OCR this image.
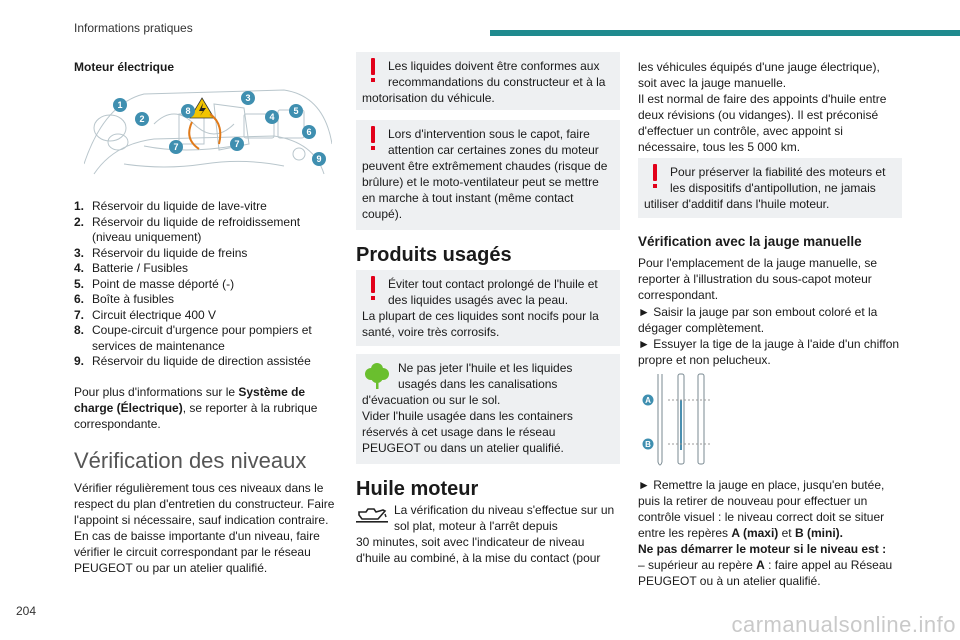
Informations pratiques

Moteur électrique

1
2
3
4
5
6
7	7
8
9
1. Réservoir du liquide de lave-vitre
2. Réservoir du liquide de refroidissement (niveau uniquement)
3. Réservoir du liquide de freins
4. Batterie / Fusibles
5. Point de masse déporté (-)
6. Boîte à fusibles
7. Circuit électrique 400 V
8. Coupe-circuit d'urgence pour pompiers et services de maintenance
9. Réservoir du liquide de direction assistée

Pour plus d'informations sur le Système de charge (Électrique), se reporter à la rubrique correspondante.

Vérification des niveaux

Vérifier régulièrement tous ces niveaux dans le respect du plan d'entretien du constructeur. Faire l'appoint si nécessaire, sauf indication contraire. En cas de baisse importante d'un niveau, faire vérifier le circuit correspondant par le réseau PEUGEOT ou par un atelier qualifié.

Les liquides doivent être conformes aux recommandations du constructeur et à la
motorisation du véhicule.
Lors d'intervention sous le capot, faire attention car certaines zones du moteur
peuvent être extrêmement chaudes (risque de brûlure) et le moto-ventilateur peut se mettre en marche à tout instant (même contact coupé).

Produits usagés

Éviter tout contact prolongé de l'huile et des liquides usagés avec la peau.
La plupart de ces liquides sont nocifs pour la santé, voire très corrosifs.
Ne pas jeter l'huile et les liquides usagés dans les canalisations
d'évacuation ou sur le sol.
Vider l'huile usagée dans les containers réservés à cet usage dans le réseau PEUGEOT ou dans un atelier qualifié.

Huile moteur

La vérification du niveau s'effectue sur un sol plat, moteur à l'arrêt depuis
30 minutes, soit avec l'indicateur de niveau d'huile au combiné, à la mise du contact (pour

les véhicules équipés d'une jauge électrique), soit avec la jauge manuelle.

Il est normal de faire des appoints d'huile entre deux révisions (ou vidanges). Il est préconisé d'effectuer un contrôle, avec appoint si nécessaire, tous les 5 000 km.

Pour préserver la fiabilité des moteurs et les dispositifs d'antipollution, ne jamais
utiliser d'additif dans l'huile moteur.

Vérification avec la jauge manuelle

Pour l'emplacement de la jauge manuelle, se reporter à l'illustration du sous-capot moteur correspondant.

► Saisir la jauge par son embout coloré et la dégager complètement.

► Essuyer la tige de la jauge à l'aide d'un chiffon propre et non pelucheux.

A
B

► Remettre la jauge en place, jusqu'en butée, puis la retirer de nouveau pour effectuer un contrôle visuel : le niveau correct doit se situer entre les repères A (maxi) et B (mini).

Ne pas démarrer le moteur si le niveau est :

– supérieur au repère A : faire appel au Réseau PEUGEOT ou à un atelier qualifié.

204
carmanualsonline.info
